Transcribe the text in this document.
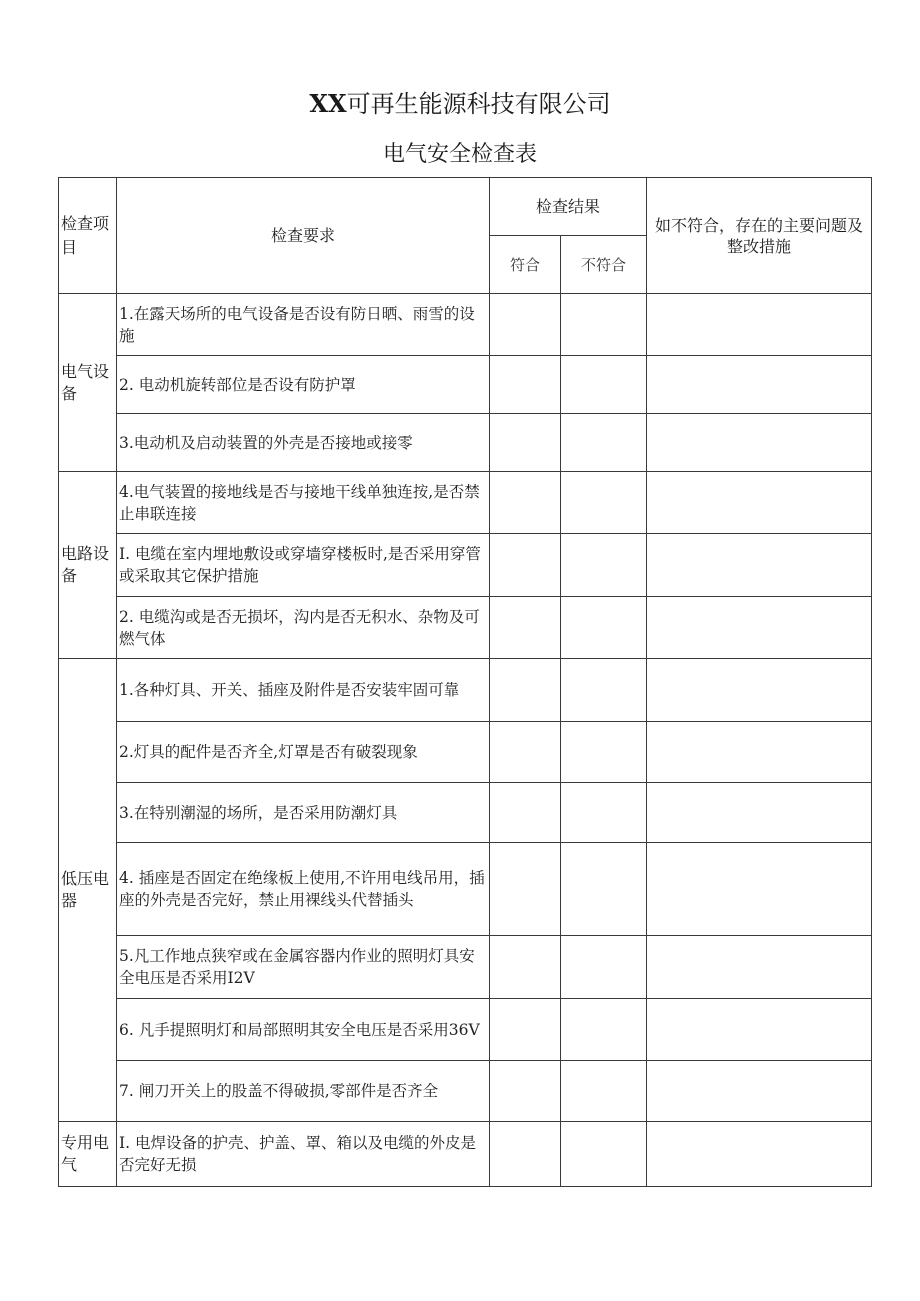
XX可再生能源科技有限公司
电气安全检查表
检查项目	检查要求	检查结果		如不符合，存在的主要问题及整改措施
		符合	不符合	
电气设备	1.在露天场所的电气设备是否设有防日晒、雨雪的设施			
	2. 电动机旋转部位是否设有防护罩			
	3.电动机及启动装置的外壳是否接地或接零			
电路设备	4.电气装置的接地线是否与接地干线单独连按,是否禁止串联连接			
	I. 电缆在室内埋地敷设或穿墙穿楼板时,是否采用穿管或采取其它保护措施			
	2. 电缆沟或是否无损坏，沟内是否无积水、杂物及可燃气体			
低压电器	1.各种灯具、开关、插座及附件是否安装牢固可靠			
	2.灯具的配件是否齐全,灯罩是否有破裂现象			
	3.在特别潮湿的场所，是否采用防潮灯具			
	4. 插座是否固定在绝缘板上使用,不许用电线吊用，插座的外壳是否完好，禁止用裸线头代替插头			
	5.凡工作地点狭窄或在金属容器内作业的照明灯具安全电压是否采用I2V			
	6. 凡手提照明灯和局部照明其安全电压是否采用36V			
	7. 闸刀开关上的股盖不得破损,零部件是否齐全			
专用电气	I. 电焊设备的护壳、护盖、罩、箱以及电缆的外皮是否完好无损			
